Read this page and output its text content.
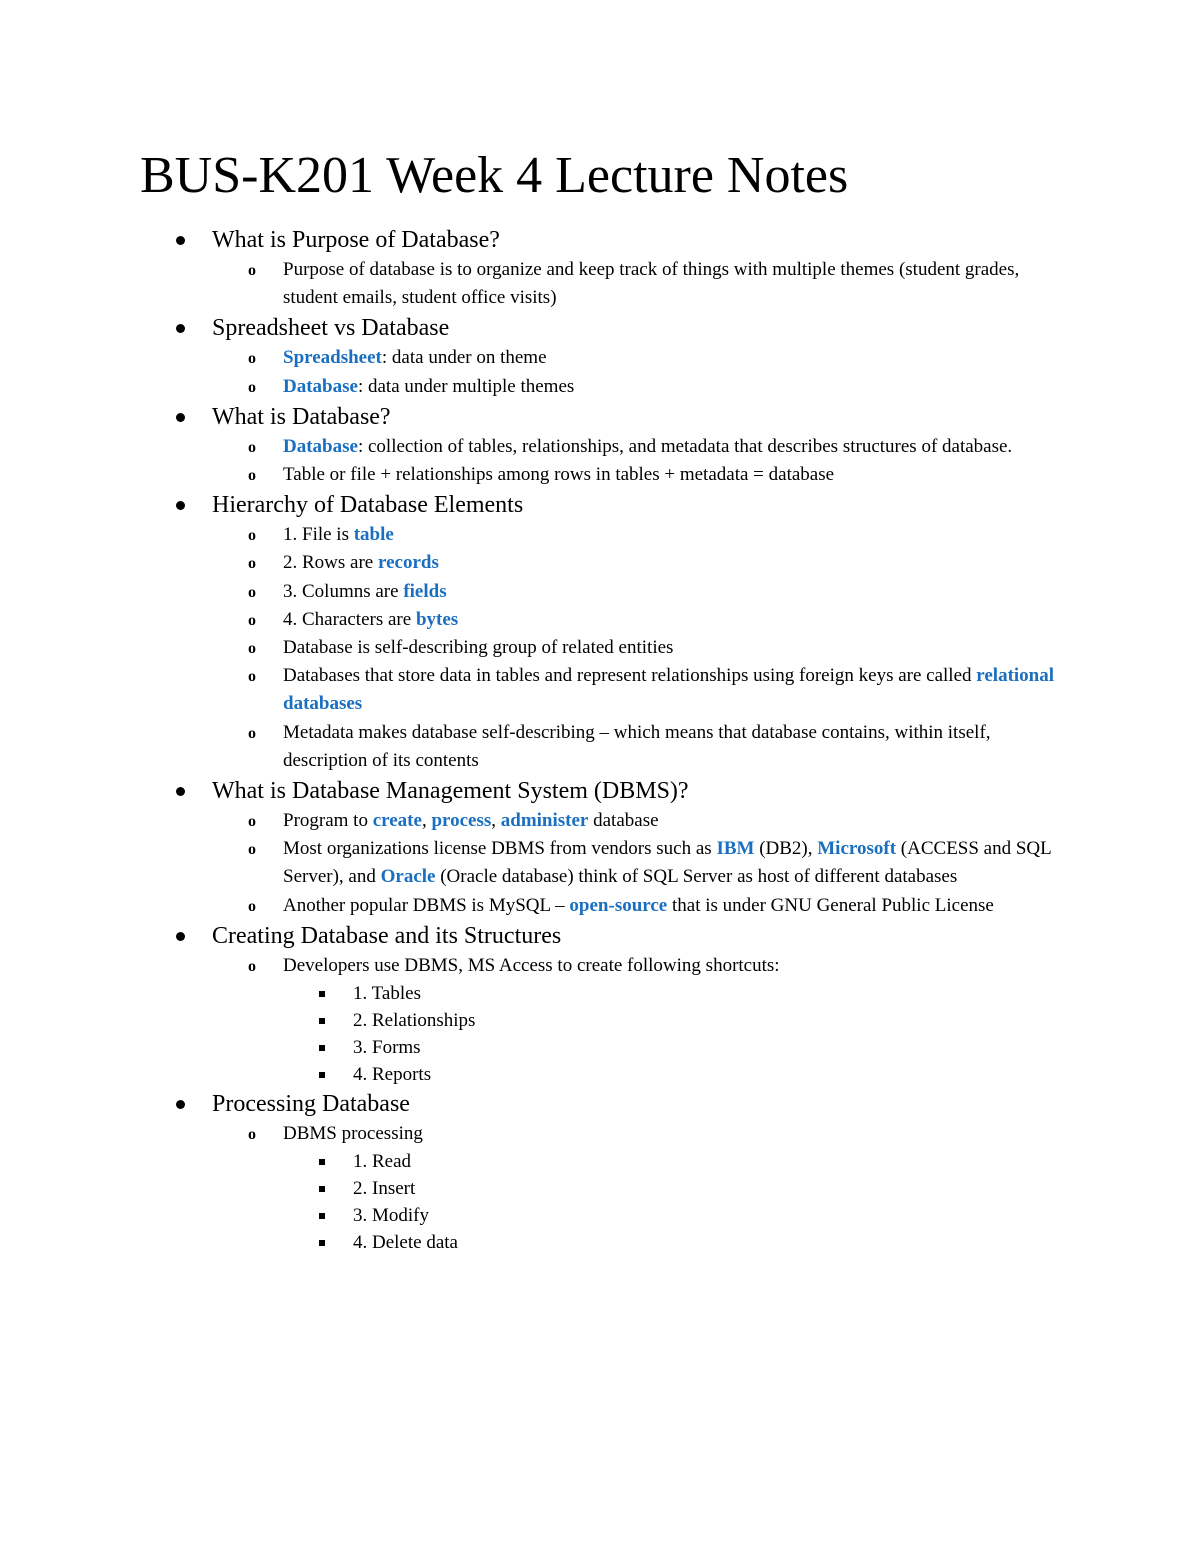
BUS-K201 Week 4 Lecture Notes
What is Purpose of Database?
o Purpose of database is to organize and keep track of things with multiple themes (student grades, student emails, student office visits)
Spreadsheet vs Database
o Spreadsheet: data under on theme
o Database: data under multiple themes
What is Database?
o Database: collection of tables, relationships, and metadata that describes structures of database.
o Table or file + relationships among rows in tables + metadata = database
Hierarchy of Database Elements
o 1. File is table
o 2. Rows are records
o 3. Columns are fields
o 4. Characters are bytes
o Database is self-describing group of related entities
o Databases that store data in tables and represent relationships using foreign keys are called relational databases
o Metadata makes database self-describing – which means that database contains, within itself, description of its contents
What is Database Management System (DBMS)?
o Program to create, process, administer database
o Most organizations license DBMS from vendors such as IBM (DB2), Microsoft (ACCESS and SQL Server), and Oracle (Oracle database) think of SQL Server as host of different databases
o Another popular DBMS is MySQL – open-source that is under GNU General Public License
Creating Database and its Structures
o Developers use DBMS, MS Access to create following shortcuts:
1. Tables
2. Relationships
3. Forms
4. Reports
Processing Database
o DBMS processing
1. Read
2. Insert
3. Modify
4. Delete data
